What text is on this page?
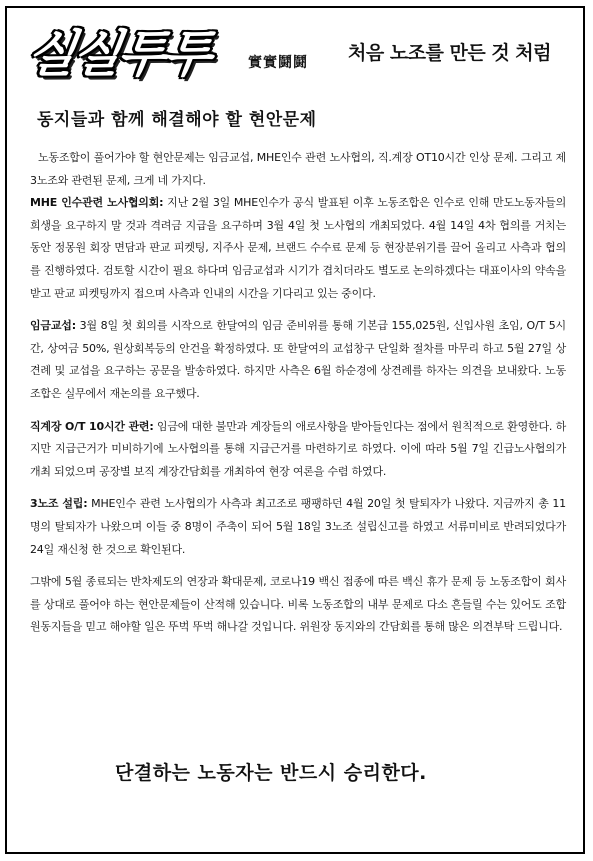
실실투투	實實鬪鬪 처음 노조를 만든 것 처럼
동지들과 함께 해결해야 할 현안문제

노동조합이 풀어가야 할 현안문제는 임금교섭, MHE인수 관련 노사협의, 직.계장 OT10시간 인상 문제. 그리고 제3노조와 관련된 문제, 크게 네 가지다.

MHE 인수관련 노사협의회: 지난 2월 3일 MHE인수가 공식 발표된 이후 노동조합은 인수로 인해 만도노동자들의 희생을 요구하지 말 것과 격려금 지급을 요구하며 3월 4일 첫 노사협의 개최되었다. 4월 14일 4차 협의를 거치는 동안 정몽원 회장 면담과 판교 피켓팅, 지주사 문제, 브랜드 수수료 문제 등 현장분위기를 끌어 올리고 사측과 협의를 진행하였다. 검토할 시간이 필요 하다며 임금교섭과 시기가 겹치더라도 별도로 논의하겠다는 대표이사의 약속을 받고 판교 피켓팅까지 접으며 사측과 인내의 시간을 기다리고 있는 중이다.

임금교섭: 3월 8일 첫 회의를 시작으로 한달여의 임금 준비위를 통해 기본급 155,025원, 신입사원 초임, O/T 5시간, 상여금 50%, 원상회복등의 안건을 확정하였다. 또 한달여의 교섭창구 단일화 절차를 마무리 하고 5월 27일 상견례 및 교섭을 요구하는 공문을 발송하였다. 하지만 사측은 6월 하순경에 상견례를 하자는 의견을 보내왔다. 노동조합은 실무에서 재논의를 요구했다.

직계장 O/T 10시간 관련: 임금에 대한 불만과 계장들의 애로사항을 받아들인다는 점에서 원칙적으로 환영한다. 하지만 지급근거가 미비하기에 노사협의를 통해 지급근거를 마련하기로 하였다. 이에 따라 5월 7일 긴급노사협의가 개최 되었으며 공장별 보직 계장간담회를 개최하여 현장 여론을 수렴 하였다.

3노조 설립: MHE인수 관련 노사협의가 사측과 최고조로 팽팽하던 4월 20일 첫 탈퇴자가 나왔다. 지금까지 총 11명의 탈퇴자가 나왔으며 이들 중 8명이 주축이 되어 5월 18일 3노조 설립신고를 하였고 서류미비로 반려되었다가 24일 재신청 한 것으로 확인된다.

그밖에 5월 종료되는 반차제도의 연장과 확대문제, 코로나19 백신 접종에 따른 백신 휴가 문제 등 노동조합이 회사를 상대로 풀어야 하는 현안문제들이 산적해 있습니다. 비록 노동조합의 내부 문제로 다소 흔들릴 수는 있어도 조합원동지들을 믿고 해야할 일은 뚜벅 뚜벅 해나갈 것입니다. 위원장 동지와의 간담회를 통해 많은 의견부탁 드립니다.

단결하는 노동자는 반드시 승리한다.
